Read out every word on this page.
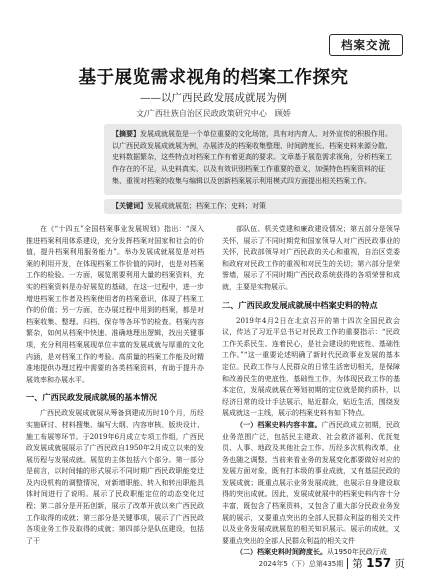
档案交流
基于展览需求视角的档案工作探究
——以广西民政发展成就展为例
文/广西壮族自治区民政政策研究中心　顾娇
【摘要】发展成就展览是一个单位重要的文化场馆，具有对内育人、对外宣传的积极作用。以广西民政发展成就展为例，办展涉及的档案收集整理、时间跨度长、档案史料来源分散、史料数据繁杂，这些特点对档案工作有着更高的要求。文章基于展览需求视角，分析档案工作存在的不足，从史料真实、以及有效识别档案工作重要的意义，加强特色档案资料的征集、重视对档案的收集与编辑以及创新档案展示利用模式四方面提出相关档案工作。
【关键词】发展成就展览；档案工作；史料；对策

在《“十四五”全国档案事业发展规划》指出：“深入推进档案利用体系建设，充分发挥档案对国家和社会的价值，提升档案利用服务能力”。举办发展成就展览是对档案的利用开发，在体现档案工作价值的同时，也是对档案工作的检验。一方面，展览需要利用大量的档案资料，充实的档案资料是办好展览的基础，在这一过程中，进一步增进档案工作者及档案使用者的档案意识，体现了档案工作的价值；另一方面，在办展过程中用到的档案，都是对档案收集、整理、归档、保存等各环节的检查。档案内容繁杂，如何从档案中快速、准确地理出逻辑，找出关键事项，充分利用档案展现单位丰富的发展成就与厚重的文化内涵，是对档案工作的考验。高质量的档案工作能及时精准地提供办理过程中需要的各类档案资料，有助于提升办展效率和办展水平。

一、广西民政发展成就展的基本情况

广西民政发展成就展从筹备到建成历时10个月，历经实施研讨、材料搜集、编写大纲、内容审核、版块设计、施工布展等环节。于2019年6月成立专项工作组，广西民政发展成就展展示了广西民政自1950年2月成立以来的发展历程与发展成就。展览的主体包括六个部分。第一部分是前言，以时间轴的形式展示不同时期广西民政职能变迁及内设机构的调整情况，对新增职能、转入和转出职能具体时间进行了说明。展示了民政职能定位的动态变化过程；第二部分是开拓创新，展示了改革开放以来广西民政工作取得的成就；第三部分是关键事项，展示了广西民政各项业务工作及取得的成就；第四部分是队伍建设，包括了干

部队伍、机关党建和廉政建设情况；第五部分是领导关怀，展示了不同时期党和国家领导人对广西民政事业的关怀，民政部领导对广西民政的关心和重视，自治区党委和政府对民政工作的重视和对民生的关切；第六部分是荣誉墙，展示了不同时期广西民政系统获得的各项荣誉和成就，主要是实物展示。

二、广西民政发展成就展中档案史料的特点

2019年4月2日在北京召开的第十四次全国民政会议，传达了习近平总书记对民政工作的重要指示：“民政工作关系民生、连着民心，是社会建设的兜底性、基础性工作。”“这一重要论述明确了新时代民政事业发展的基本定位。民政工作与人民群众的日常生活密切相关，是保障和改善民生的兜底性、基础性工作，为体现民政工作的基本定位，发展成就展在筹划初期的定位就是简约质朴，以经济日常的设计手法展示，贴近群众，贴近生活，围绕发展成就这一主线，展示的档案史料有如下特点。

（一）档案史料内容丰富。广西民政成立初期，民政业务范围广泛，包括民主建政、社会救济福利、优抚复员、人事、地政及其他社会工作。历经多次机构改革，业务也随之调整。当前来看业务的发展变化都要做好对应的发展方面对象，既有打本级的事业成就，又有基层民政的发展成就；既重点展示业务发展成就，也展示自身建设取得的突出成就。因此，发展成就展中的档案史料内容十分丰富，既包含了档案资料，又包含了重大部分民政业务发展的展示，又要重点突出的全部人民群众利益的相关文件以及业务发展成就展览的相关知识展示。展示的成就，又要重点突出的全部人民群众利益的相关文件

（二）档案史料时间跨度长。从1950年民政厅成

2024年5（下）总第435期 第 157 页
